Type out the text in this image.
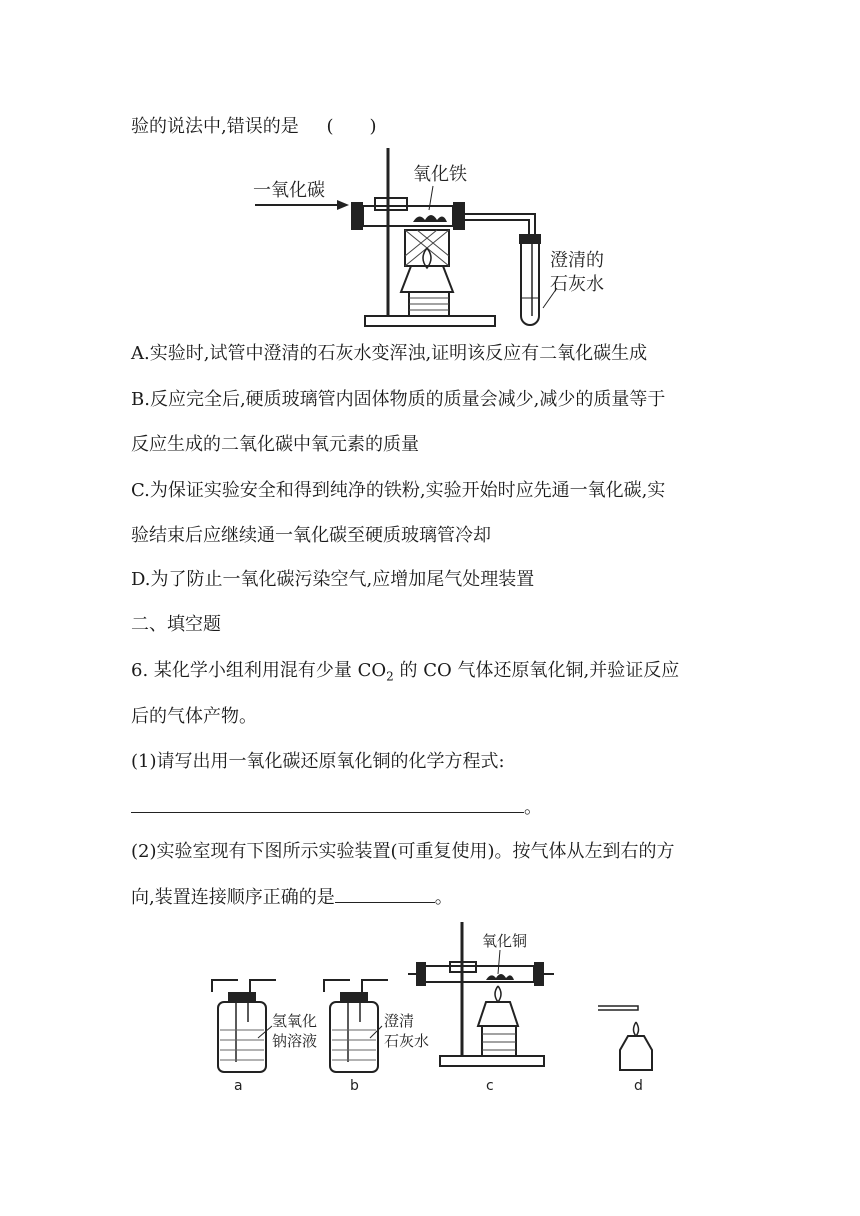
验的说法中,错误的是 (　　)
一氧化碳
氧化铁
澄清的
石灰水
A.实验时,试管中澄清的石灰水变浑浊,证明该反应有二氧化碳生成
B.反应完全后,硬质玻璃管内固体物质的质量会减少,减少的质量等于
反应生成的二氧化碳中氧元素的质量
C.为保证实验安全和得到纯净的铁粉,实验开始时应先通一氧化碳,实
验结束后应继续通一氧化碳至硬质玻璃管冷却
D.为了防止一氧化碳污染空气,应增加尾气处理装置
二、填空题
6. 某化学小组利用混有少量 $CO_2$ 的 CO 气体还原氧化铜,并验证反应
后的气体产物。
(1)请写出用一氧化碳还原氧化铜的化学方程式:
。
(2)实验室现有下图所示实验装置(可重复使用)。按气体从左到右的方
向,装置连接顺序正确的是	。
氢氧化
钠溶液
a
澄清
石灰水
b
氧化铜
c	d
